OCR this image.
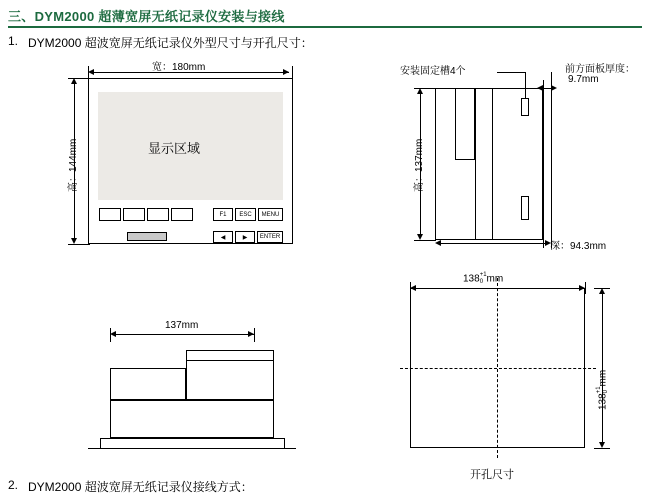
三、DYM2000 超薄宽屏无纸记录仪安装与接线
1. DYM2000 超波宽屏无纸记录仪外型尺寸与开孔尺寸：
显示区域
F1	ESC	MENU
◀	▶	ENTER
宽：180mm
高：144mm
安装固定槽4个	前方面板厚度：
9.7mm
高：137mm
深：94.3mm
137mm
138+1
0 mm
138+1
0mm
开孔尺寸
2. DYM2000 超波宽屏无纸记录仪接线方式：
